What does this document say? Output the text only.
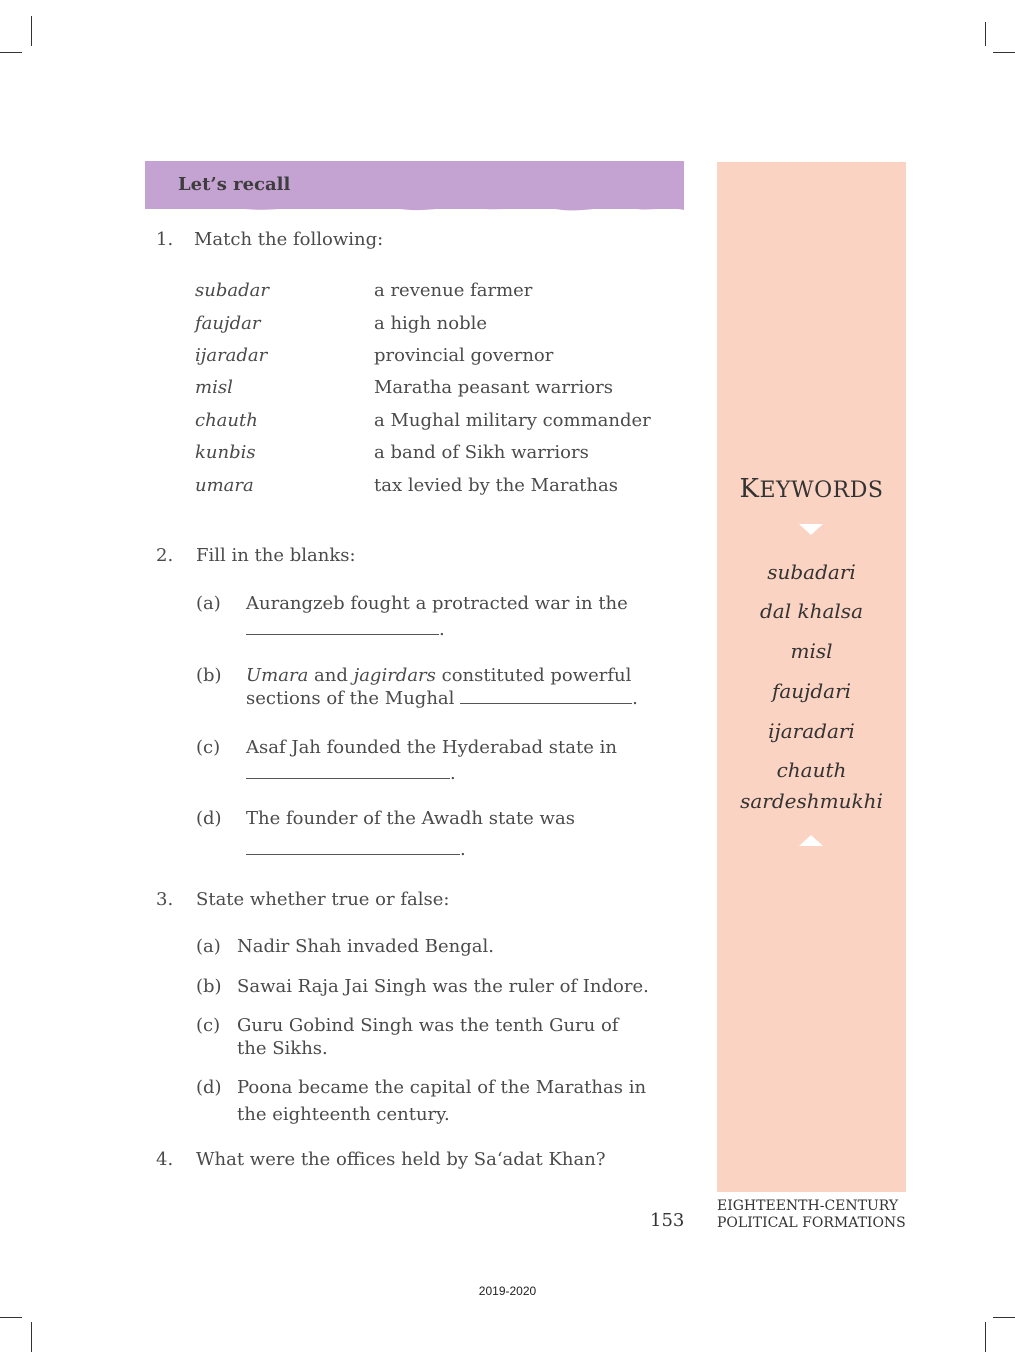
Let’s recall
1. Match the following:
subadar	a revenue farmer
faujdar	a high noble
ijaradar	provincial governor
misl	Maratha peasant warriors
chauth	a Mughal military commander
kunbis	a band of Sikh warriors
umara	tax levied by the Marathas
2. Fill in the blanks:
(a) Aurangzeb fought a protracted war in the
.
(b) Umara and jagirdars constituted powerful
sections of the Mughal	.
(c) Asaf Jah founded the Hyderabad state in
.
(d) The founder of the Awadh state was
.
3. State whether true or false:
(a) Nadir Shah invaded Bengal.
(b) Sawai Raja Jai Singh was the ruler of Indore.
(c) Guru Gobind Singh was the tenth Guru of
the Sikhs.
(d) Poona became the capital of the Marathas in
the eighteenth century.
4. What were the offices held by Sa‘adat Khan?
KEYWORDS
subadari
dal khalsa
misl
faujdari
ijaradari
chauth
sardeshmukhi
153
EIGHTEENTH-CENTURY
POLITICAL FORMATIONS
2019-2020
